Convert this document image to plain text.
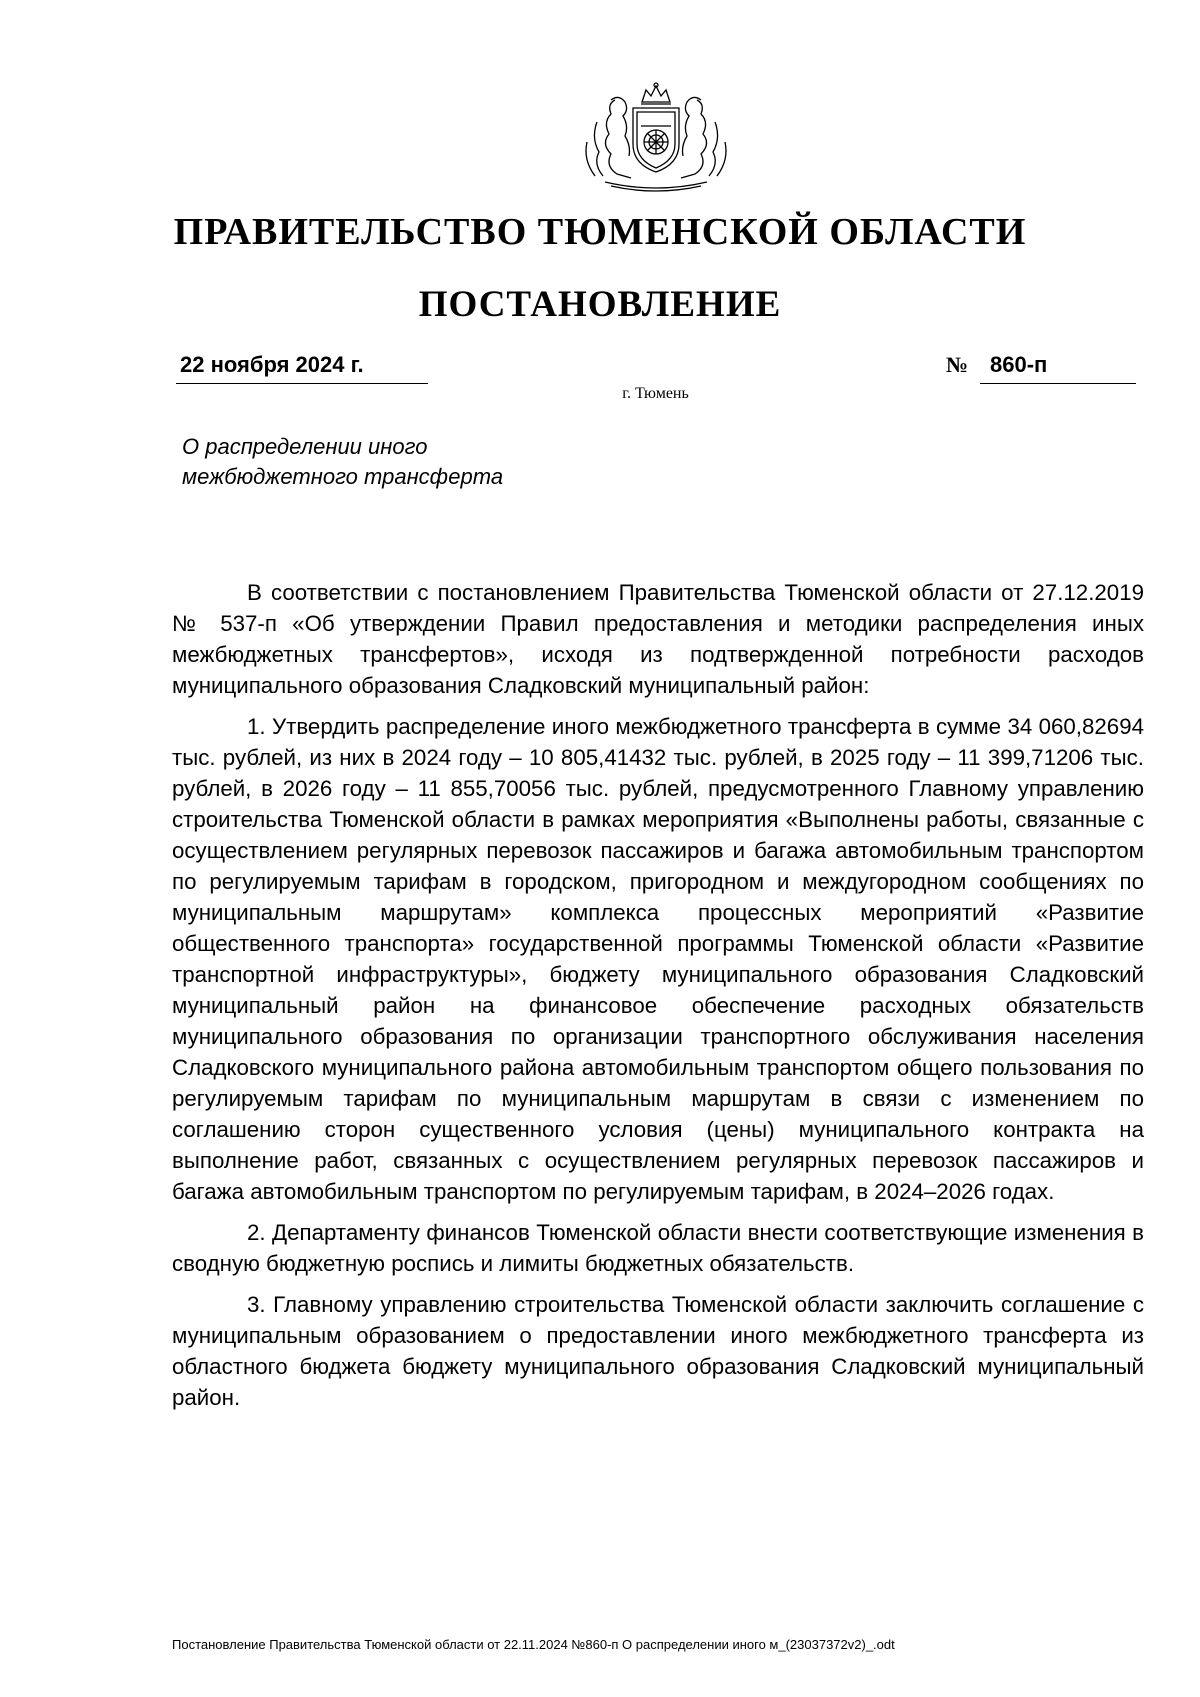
ПРАВИТЕЛЬСТВО ТЮМЕНСКОЙ ОБЛАСТИ
ПОСТАНОВЛЕНИЕ
22 ноября 2024 г.	№ 860-п
г. Тюмень
О распределении иного
межбюджетного трансферта

В соответствии с постановлением Правительства Тюменской области от 27.12.2019 № 537-п «Об утверждении Правил предоставления и методики распределения иных межбюджетных трансфертов», исходя из подтвержденной потребности расходов муниципального образования Сладковский муниципальный район:

1. Утвердить распределение иного межбюджетного трансферта в сумме 34 060,82694 тыс. рублей, из них в 2024 году – 10 805,41432 тыс. рублей, в 2025 году – 11 399,71206 тыс. рублей, в 2026 году – 11 855,70056 тыс. рублей, предусмотренного Главному управлению строительства Тюменской области в рамках мероприятия «Выполнены работы, связанные с осуществлением регулярных перевозок пассажиров и багажа автомобильным транспортом по регулируемым тарифам в городском, пригородном и междугородном сообщениях по муниципальным маршрутам» комплекса процессных мероприятий «Развитие общественного транспорта» государственной программы Тюменской области «Развитие транспортной инфраструктуры», бюджету муниципального образования Сладковский муниципальный район на финансовое обеспечение расходных обязательств муниципального образования по организации транспортного обслуживания населения Сладковского муниципального района автомобильным транспортом общего пользования по регулируемым тарифам по муниципальным маршрутам в связи с изменением по соглашению сторон существенного условия (цены) муниципального контракта на выполнение работ, связанных с осуществлением регулярных перевозок пассажиров и багажа автомобильным транспортом по регулируемым тарифам, в 2024–2026 годах.

2. Департаменту финансов Тюменской области внести соответствующие изменения в сводную бюджетную роспись и лимиты бюджетных обязательств.

3. Главному управлению строительства Тюменской области заключить соглашение с муниципальным образованием о предоставлении иного межбюджетного трансферта из областного бюджета бюджету муниципального образования Сладковский муниципальный район.

Постановление Правительства Тюменской области от 22.11.2024 №860-п О распределении иного м_(23037372v2)_.odt
